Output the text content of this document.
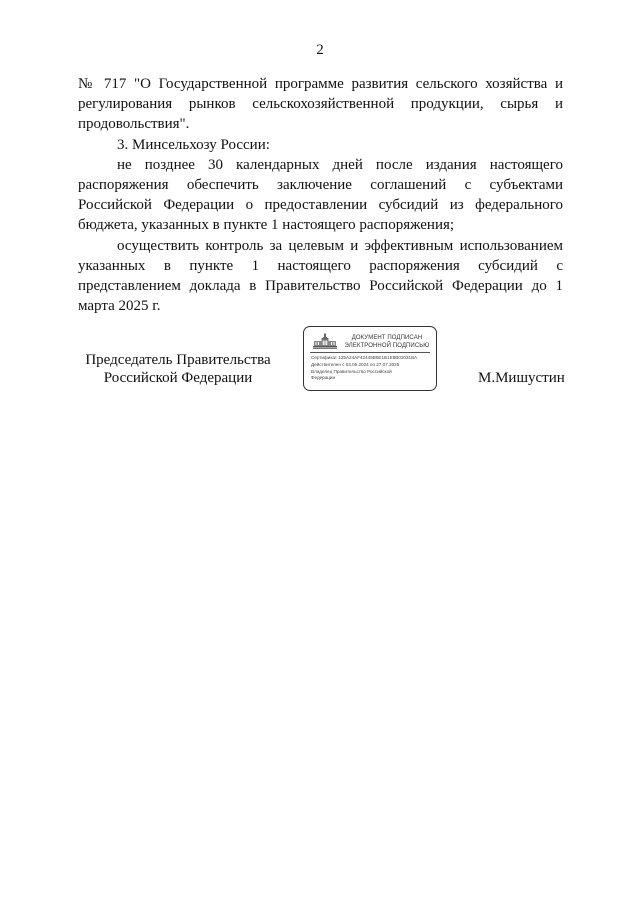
2

№ 717 "О Государственной программе развития сельского хозяйства и регулирования рынков сельскохозяйственной продукции, сырья и продовольствия".

3. Минсельхозу России:

не позднее 30 календарных дней после издания настоящего распоряжения обеспечить заключение соглашений с субъектами Российской Федерации о предоставлении субсидий из федерального бюджета, указанных в пункте 1 настоящего распоряжения;

осуществить контроль за целевым и эффективным использованием указанных в пункте 1 настоящего распоряжения субсидий с представлением доклада в Правительство Российской Федерации до 1 марта 2025 г.

Председатель Правительства
Российской Федерации
ДОКУМЕНТ ПОДПИСАН
ЭЛЕКТРОННОЙ ПОДПИСЬЮ
Сертификат 125А24АF42445В6Е1В1Е8В02031ВА
Действителен с 03.05.2024 по 27.07.2025
Владелец Правительство Российской
Федерации	М.Мишустин
